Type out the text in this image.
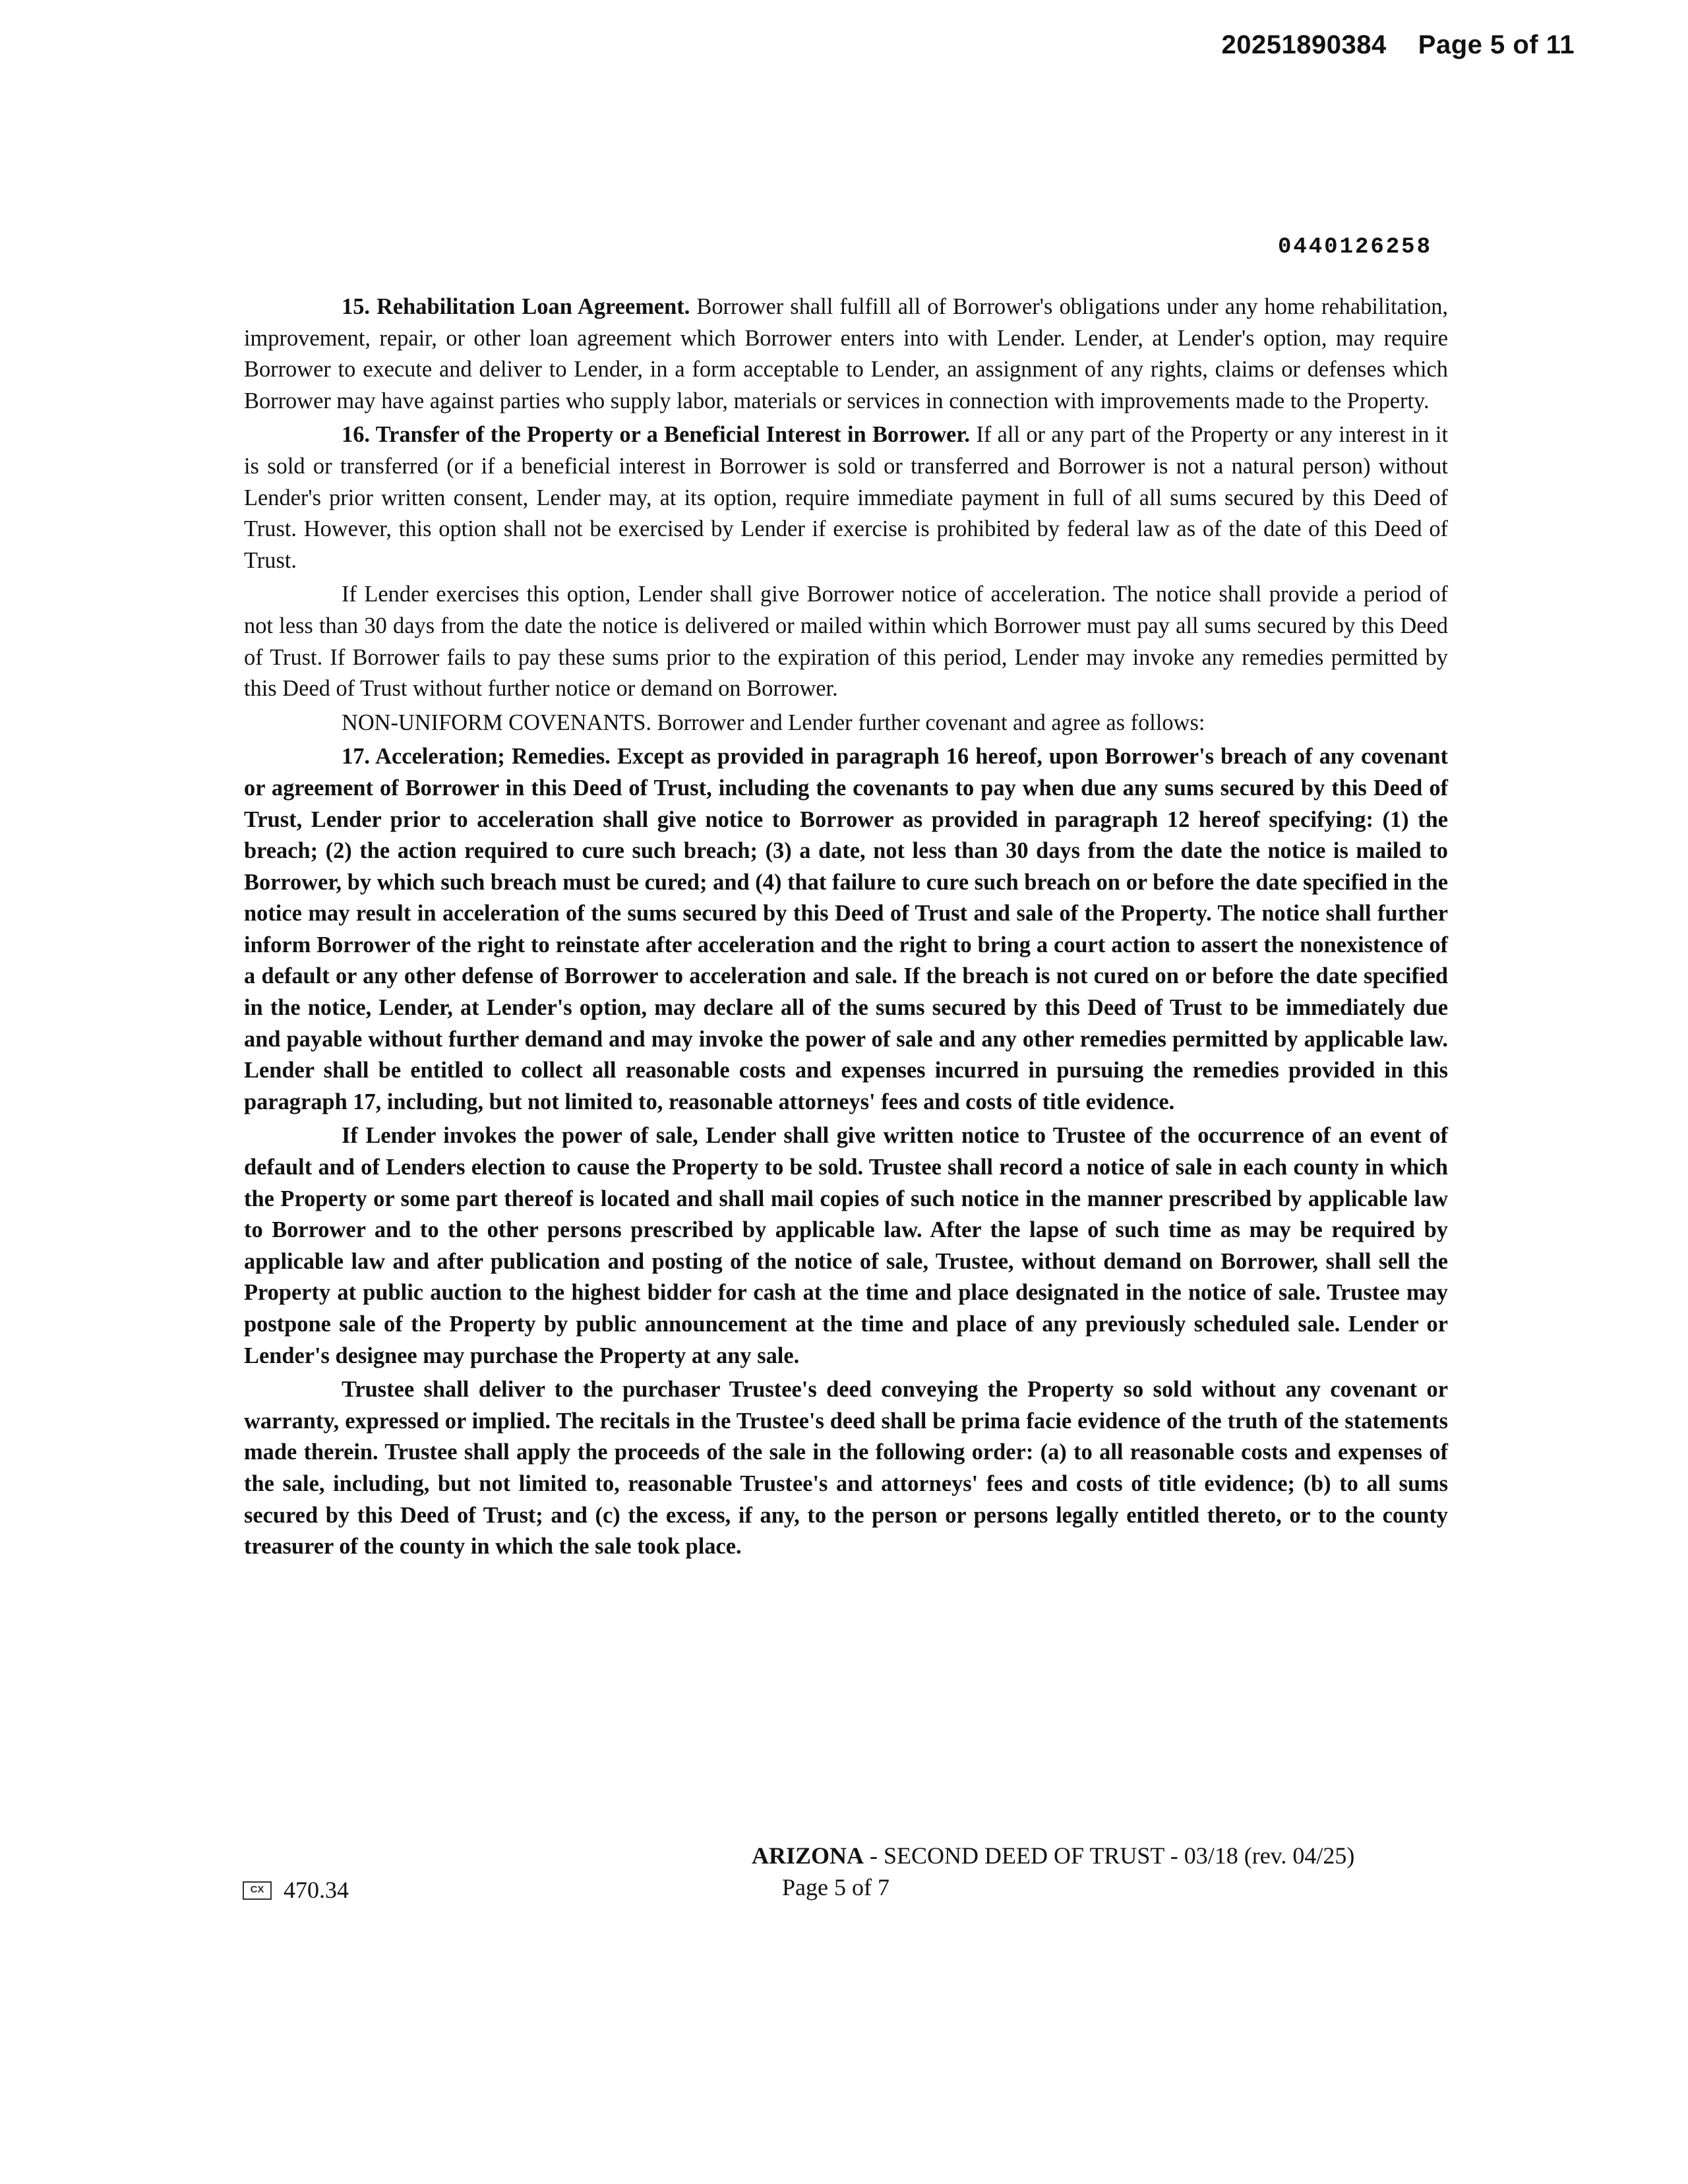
20251890384 Page 5 of 11
0440126258

15. Rehabilitation Loan Agreement. Borrower shall fulfill all of Borrower's obligations under any home rehabilitation, improvement, repair, or other loan agreement which Borrower enters into with Lender. Lender, at Lender's option, may require Borrower to execute and deliver to Lender, in a form acceptable to Lender, an assignment of any rights, claims or defenses which Borrower may have against parties who supply labor, materials or services in connection with improvements made to the Property.

16. Transfer of the Property or a Beneficial Interest in Borrower. If all or any part of the Property or any interest in it is sold or transferred (or if a beneficial interest in Borrower is sold or transferred and Borrower is not a natural person) without Lender's prior written consent, Lender may, at its option, require immediate payment in full of all sums secured by this Deed of Trust. However, this option shall not be exercised by Lender if exercise is prohibited by federal law as of the date of this Deed of Trust.

If Lender exercises this option, Lender shall give Borrower notice of acceleration. The notice shall provide a period of not less than 30 days from the date the notice is delivered or mailed within which Borrower must pay all sums secured by this Deed of Trust. If Borrower fails to pay these sums prior to the expiration of this period, Lender may invoke any remedies permitted by this Deed of Trust without further notice or demand on Borrower.

NON-UNIFORM COVENANTS. Borrower and Lender further covenant and agree as follows:

17. Acceleration; Remedies. Except as provided in paragraph 16 hereof, upon Borrower's breach of any covenant or agreement of Borrower in this Deed of Trust, including the covenants to pay when due any sums secured by this Deed of Trust, Lender prior to acceleration shall give notice to Borrower as provided in paragraph 12 hereof specifying: (1) the breach; (2) the action required to cure such breach; (3) a date, not less than 30 days from the date the notice is mailed to Borrower, by which such breach must be cured; and (4) that failure to cure such breach on or before the date specified in the notice may result in acceleration of the sums secured by this Deed of Trust and sale of the Property. The notice shall further inform Borrower of the right to reinstate after acceleration and the right to bring a court action to assert the nonexistence of a default or any other defense of Borrower to acceleration and sale. If the breach is not cured on or before the date specified in the notice, Lender, at Lender's option, may declare all of the sums secured by this Deed of Trust to be immediately due and payable without further demand and may invoke the power of sale and any other remedies permitted by applicable law. Lender shall be entitled to collect all reasonable costs and expenses incurred in pursuing the remedies provided in this paragraph 17, including, but not limited to, reasonable attorneys' fees and costs of title evidence.

If Lender invokes the power of sale, Lender shall give written notice to Trustee of the occurrence of an event of default and of Lenders election to cause the Property to be sold. Trustee shall record a notice of sale in each county in which the Property or some part thereof is located and shall mail copies of such notice in the manner prescribed by applicable law to Borrower and to the other persons prescribed by applicable law. After the lapse of such time as may be required by applicable law and after publication and posting of the notice of sale, Trustee, without demand on Borrower, shall sell the Property at public auction to the highest bidder for cash at the time and place designated in the notice of sale. Trustee may postpone sale of the Property by public announcement at the time and place of any previously scheduled sale. Lender or Lender's designee may purchase the Property at any sale.

Trustee shall deliver to the purchaser Trustee's deed conveying the Property so sold without any covenant or warranty, expressed or implied. The recitals in the Trustee's deed shall be prima facie evidence of the truth of the statements made therein. Trustee shall apply the proceeds of the sale in the following order: (a) to all reasonable costs and expenses of the sale, including, but not limited to, reasonable Trustee's and attorneys' fees and costs of title evidence; (b) to all sums secured by this Deed of Trust; and (c) the excess, if any, to the person or persons legally entitled thereto, or to the county treasurer of the county in which the sale took place.

ARIZONA - SECOND DEED OF TRUST - 03/18 (rev. 04/25)
Page 5 of 7
CX 470.34
